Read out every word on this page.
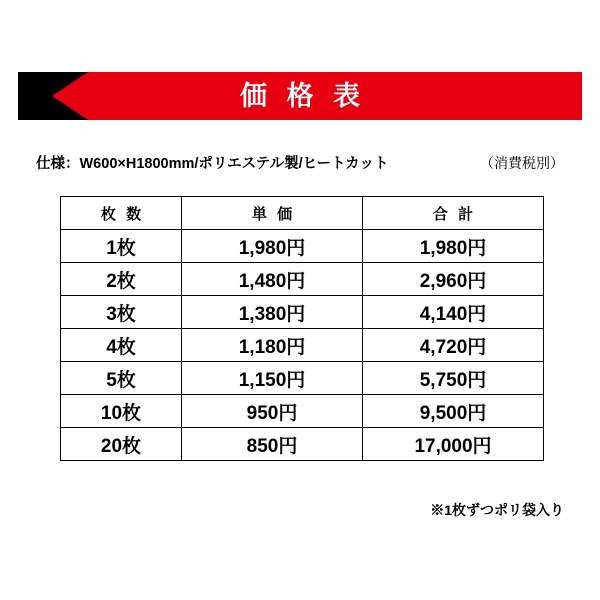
価 格 表
仕様：W600×H1800mm/ポリエステル製/ヒートカット	（消費税別）
枚 数	単 価	合 計
1枚	1,980円	1,980円
2枚	1,480円	2,960円
3枚	1,380円	4,140円
4枚	1,180円	4,720円
5枚	1,150円	5,750円
10枚	950円	9,500円
20枚	850円	17,000円
※1枚ずつポリ袋入り
